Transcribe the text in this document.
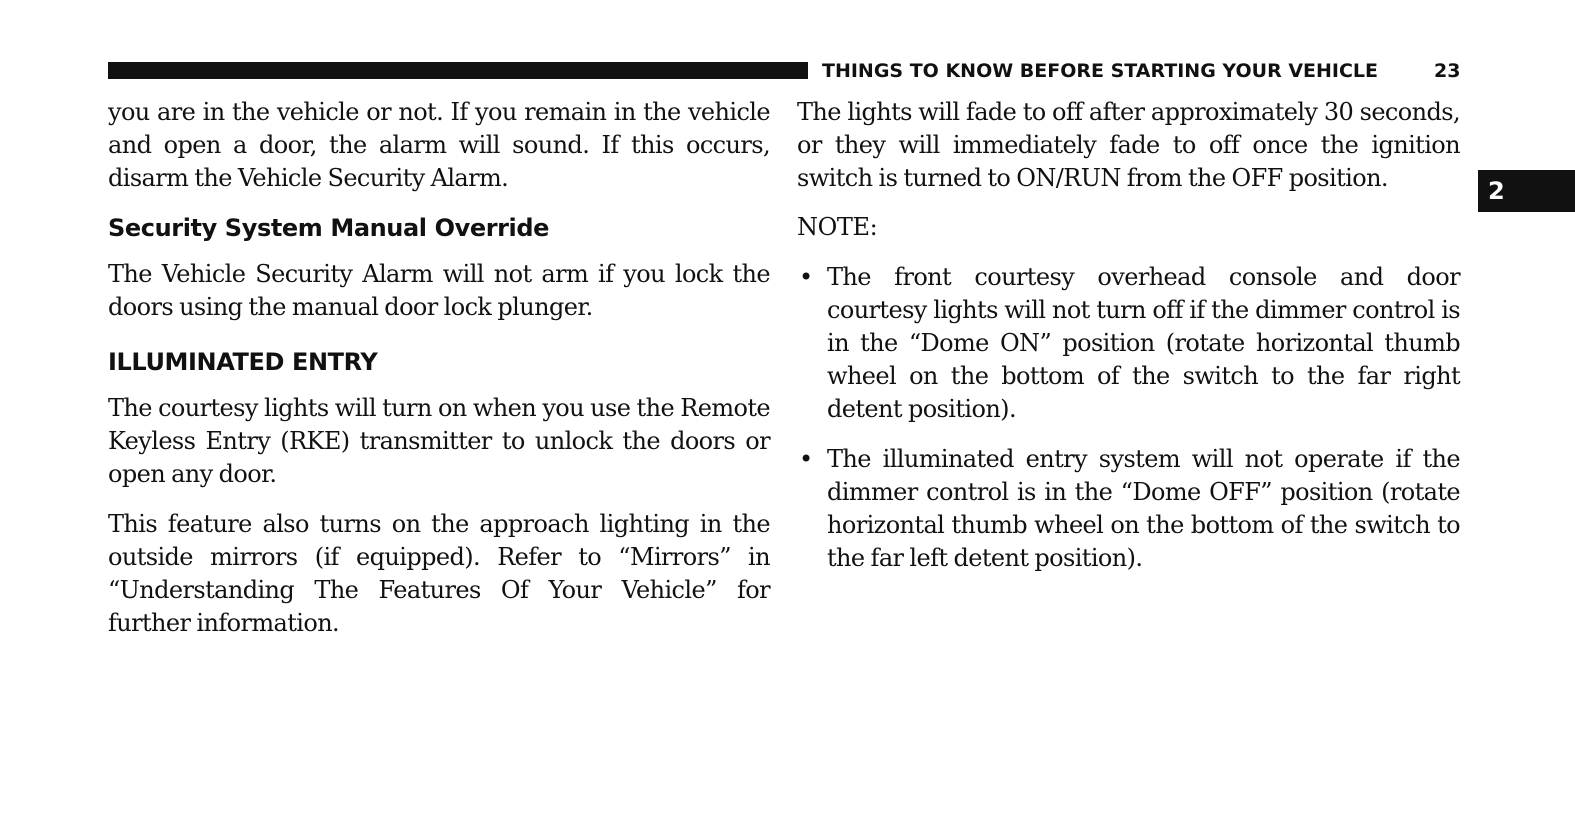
THINGS TO KNOW BEFORE STARTING YOUR VEHICLE	23
2

you are in the vehicle or not. If you remain in the vehicle and open a door, the alarm will sound. If this occurs, disarm the Vehicle Security Alarm.

Security System Manual Override

The Vehicle Security Alarm will not arm if you lock the doors using the manual door lock plunger.

ILLUMINATED ENTRY

The courtesy lights will turn on when you use the Remote Keyless Entry (RKE) transmitter to unlock the doors or open any door.

This feature also turns on the approach lighting in the outside mirrors (if equipped). Refer to “Mirrors” in “Understanding The Features Of Your Vehicle” for further information.

The lights will fade to off after approximately 30 seconds, or they will immediately fade to off once the ignition switch is turned to ON/RUN from the OFF position.

NOTE:
• The front courtesy overhead console and door courtesy lights will not turn off if the dimmer control is in the “Dome ON” position (rotate horizontal thumb wheel on the bottom of the switch to the far right detent position).

• The illuminated entry system will not operate if the dimmer control is in the “Dome OFF” position (rotate horizontal thumb wheel on the bottom of the switch to the far left detent position).
